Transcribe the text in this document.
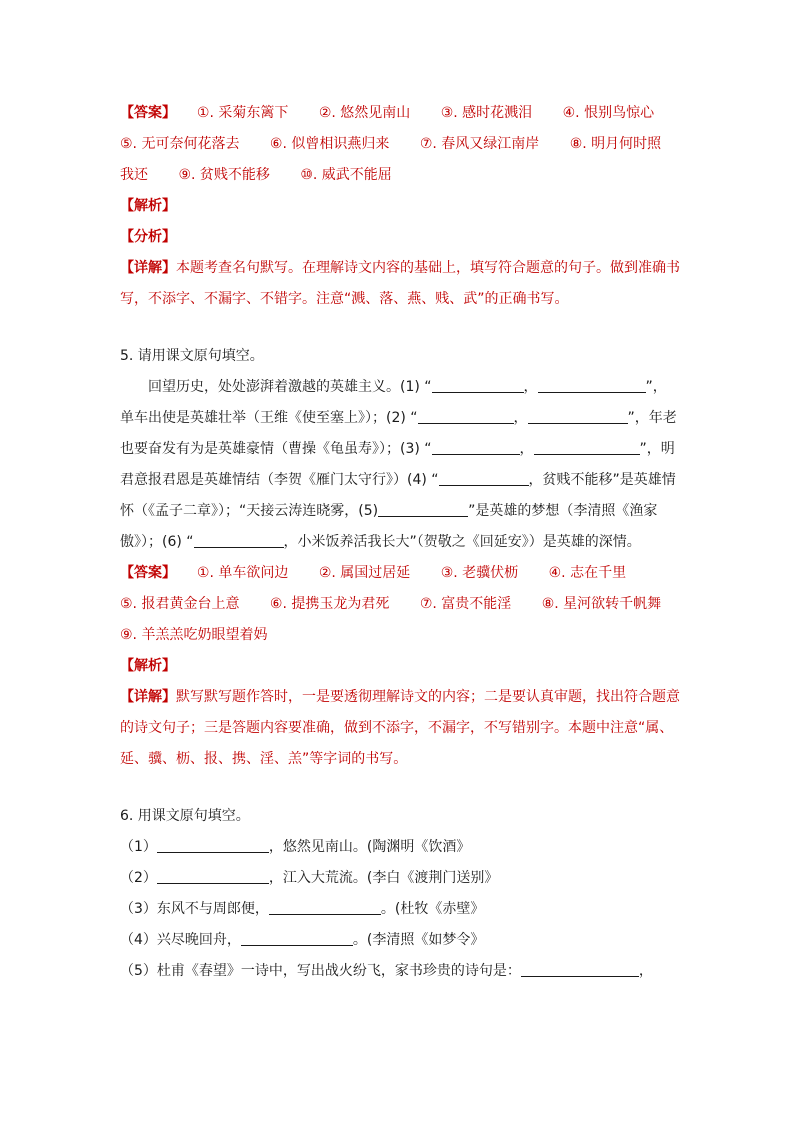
【答案】 ①. 采菊东篱下 ②. 悠然见南山 ③. 感时花溅泪 ④. 恨别鸟惊心
⑤. 无可奈何花落去 ⑥. 似曾相识燕归来 ⑦. 春风又绿江南岸 ⑧. 明月何时照
我还 ⑨. 贫贱不能移 ⑩. 威武不能屈
【解析】
【分析】
【详解】本题考查名句默写。在理解诗文内容的基础上，填写符合题意的句子。做到准确书写，不添字、不漏字、不错字。注意“溅、落、燕、贱、武”的正确书写。
5. 请用课文原句填空。
回望历史，处处澎湃着激越的英雄主义。(1) “	，	”，单车出使是英雄壮举（王维《使至塞上》）；(2) “	，	”，年老也要奋发有为是英雄豪情（曹操《龟虽寿》）；(3) “	，	”，明君意报君恩是英雄情结（李贺《雁门太守行》）(4) “	，贫贱不能移”是英雄情怀（《孟子二章》）；“天接云涛连晓雾，(5)	”是英雄的梦想（李清照《渔家傲》）；(6) “	，小米饭养活我长大”（贺敬之《回延安》）是英雄的深情。
【答案】 ①. 单车欲问边 ②. 属国过居延 ③. 老骥伏枥 ④. 志在千里
⑤. 报君黄金台上意 ⑥. 提携玉龙为君死 ⑦. 富贵不能淫 ⑧. 星河欲转千帆舞
⑨. 羊羔羔吃奶眼望着妈
【解析】
【详解】默写默写题作答时，一是要透彻理解诗文的内容；二是要认真审题，找出符合题意的诗文句子；三是答题内容要准确，做到不添字，不漏字，不写错别字。本题中注意“属、延、骥、枥、报、携、淫、羔”等字词的书写。
6. 用课文原句填空。
（1）	，悠然见南山。(陶渊明《饮酒》
（2）	，江入大荒流。(李白《渡荆门送别》
（3）东风不与周郎便，	。(杜牧《赤壁》
（4）兴尽晚回舟，	。(李清照《如梦令》
（5）杜甫《春望》一诗中，写出战火纷飞，家书珍贵的诗句是：	，
